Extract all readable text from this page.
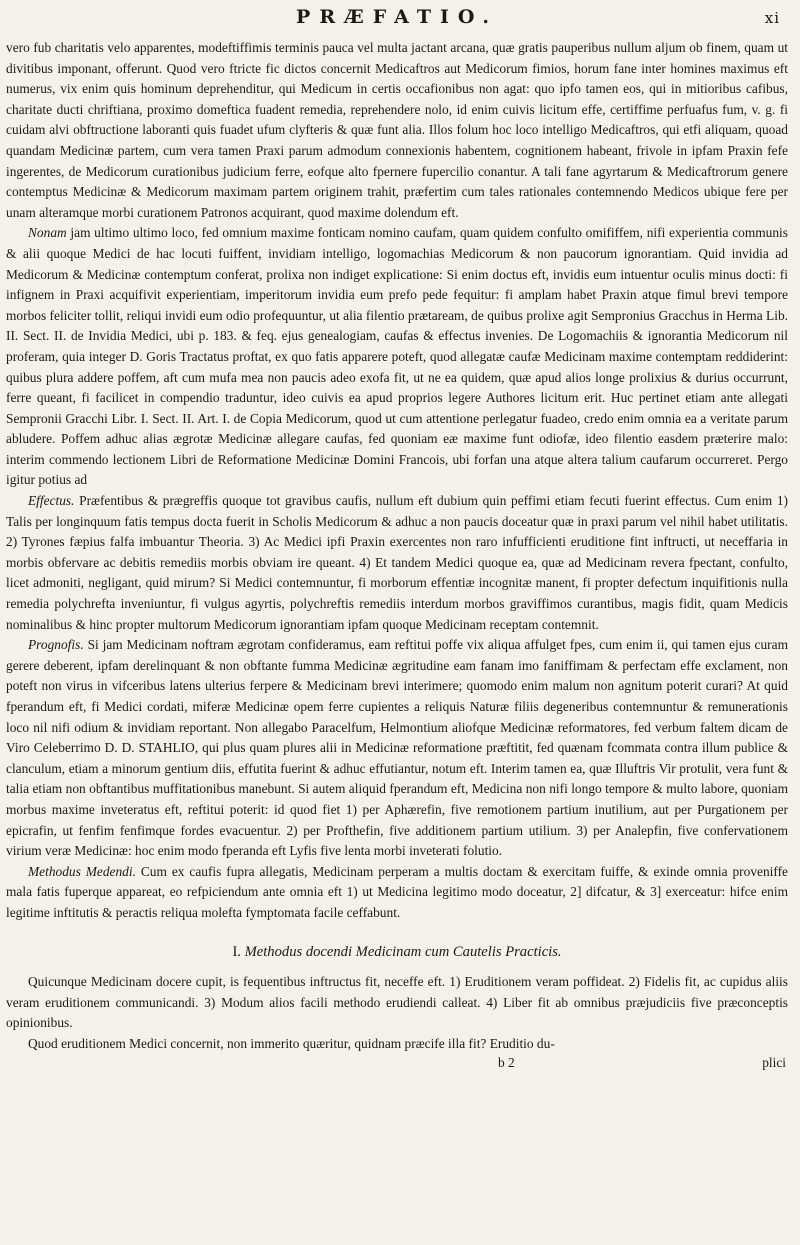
PRÆFATIO.	xi

vero fub charitatis velo apparentes, modeftiffimis terminis pauca vel multa jactant arcana, quæ gratis pauperibus nullum aljum ob finem, quam ut divitibus imponant, offerunt. Quod vero ftricte fic dictos concernit Medicaftros aut Medicorum fimios, horum fane inter homines maximus eft numerus, vix enim quis hominum deprehenditur, qui Medicum in certis occafionibus non agat: quo ipfo tamen eos, qui in mitioribus cafibus, charitate ducti chriftiana, proximo domeftica fuadent remedia, reprehendere nolo, id enim cuivis licitum effe, certiffime perfuafus fum, v. g. fi cuidam alvi obftructione laboranti quis fuadet ufum clyfteris & quæ funt alia. Illos folum hoc loco intelligo Medicaftros, qui etfi aliquam, quoad quandam Medicinæ partem, cum vera tamen Praxi parum admodum connexionis habentem, cognitionem habeant, frivole in ipfam Praxin fefe ingerentes, de Medicorum curationibus judicium ferre, eofque alto fpernere fupercilio conantur. A tali fane agyrtarum & Medicaftrorum genere contemptus Medicinæ & Medicorum maximam partem originem trahit, præfertim cum tales rationales contemnendo Medicos ubique fere per unam alteramque morbi curationem Patronos acquirant, quod maxime dolendum eft.

Nonam jam ultimo ultimo loco, fed omnium maxime fonticam nomino caufam, quam quidem confulto omififfem, nifi experientia communis & alii quoque Medici de hac locuti fuiffent, invidiam intelligo, logomachias Medicorum & non paucorum ignorantiam. Quid invidia ad Medicorum & Medicinæ contemptum conferat, prolixa non indiget explicatione: Si enim doctus eft, invidis eum intuentur oculis minus docti: fi infignem in Praxi acquifivit experientiam, imperitorum invidia eum prefo pede fequitur: fi amplam habet Praxin atque fimul brevi tempore morbos feliciter tollit, reliqui invidi eum odio profequuntur, ut alia filentio prætaream, de quibus prolixe agit Sempronius Gracchus in Herma Lib. II. Sect. II. de Invidia Medici, ubi p. 183. & feq. ejus genealogiam, caufas & effectus invenies. De Logomachiis & ignorantia Medicorum nil proferam, quia integer D. Goris Tractatus proftat, ex quo fatis apparere poteft, quod allegatæ caufæ Medicinam maxime contemptam reddiderint: quibus plura addere poffem, aft cum mufa mea non paucis adeo exofa fit, ut ne ea quidem, quæ apud alios longe prolixius & durius occurrunt, ferre queant, fi facilicet in compendio traduntur, ideo cuivis ea apud proprios legere Authores licitum erit. Huc pertinet etiam ante allegati Sempronii Gracchi Libr. I. Sect. II. Art. I. de Copia Medicorum, quod ut cum attentione perlegatur fuadeo, credo enim omnia ea a veritate parum abludere. Poffem adhuc alias ægrotæ Medicinæ allegare caufas, fed quoniam eæ maxime funt odiofæ, ideo filentio easdem præterire malo: interim commendo lectionem Libri de Reformatione Medicinæ Domini Francois, ubi forfan una atque altera talium caufarum occurreret. Pergo igitur potius ad

Effectus. Præfentibus & prægreffis quoque tot gravibus caufis, nullum eft dubium quin peffimi etiam fecuti fuerint effectus. Cum enim 1) Talis per longinquum fatis tempus docta fuerit in Scholis Medicorum & adhuc a non paucis doceatur quæ in praxi parum vel nihil habet utilitatis. 2) Tyrones fæpius falfa imbuantur Theoria. 3) Ac Medici ipfi Praxin exercentes non raro infufficienti eruditione fint inftructi, ut neceffaria in morbis obfervare ac debitis remediis morbis obviam ire queant. 4) Et tandem Medici quoque ea, quæ ad Medicinam revera fpectant, confulto, licet admoniti, negligant, quid mirum? Si Medici contemnuntur, fi morborum effentiæ incognitæ manent, fi propter defectum inquifitionis nulla remedia polychrefta inveniuntur, fi vulgus agyrtis, polychreftis remediis interdum morbos graviffimos curantibus, magis fidit, quam Medicis nominalibus & hinc propter multorum Medicorum ignorantiam ipfam quoque Medicinam receptam contemnit.

Prognofis. Si jam Medicinam noftram ægrotam confideramus, eam reftitui poffe vix aliqua affulget fpes, cum enim ii, qui tamen ejus curam gerere deberent, ipfam derelinquant & non obftante fumma Medicinæ ægritudine eam fanam imo faniffimam & perfectam effe exclament, non poteft non virus in vifceribus latens ulterius ferpere & Medicinam brevi interimere; quomodo enim malum non agnitum poterit curari? At quid fperandum eft, fi Medici cordati, miferæ Medicinæ opem ferre cupientes a reliquis Naturæ filiis degeneribus contemnuntur & remunerationis loco nil nifi odium & invidiam reportant. Non allegabo Paracelfum, Helmontium aliofque Medicinæ reformatores, fed verbum faltem dicam de Viro Celeberrimo D. D. STAHLIO, qui plus quam plures alii in Medicinæ reformatione præftitit, fed quænam fcommata contra illum publice & clanculum, etiam a minorum gentium diis, effutita fuerint & adhuc effutiantur, notum eft. Interim tamen ea, quæ Illuftris Vir protulit, vera funt & talia etiam non obftantibus muffitationibus manebunt. Si autem aliquid fperandum eft, Medicina non nifi longo tempore & multo labore, quoniam morbus maxime inveteratus eft, reftitui poterit: id quod fiet 1) per Aphærefin, five remotionem partium inutilium, aut per Purgationem per epicrafin, ut fenfim fenfimque fordes evacuentur. 2) per Profthefin, five additionem partium utilium. 3) per Analepfin, five confervationem virium veræ Medicinæ: hoc enim modo fperanda eft Lyfis five lenta morbi inveterati folutio.

Methodus Medendi. Cum ex caufis fupra allegatis, Medicinam perperam a multis doctam & exercitam fuiffe, & exinde omnia proveniffe mala fatis fuperque appareat, eo refpiciendum ante omnia eft 1) ut Medicina legitimo modo doceatur, 2] difcatur, & 3] exerceatur: hifce enim legitime inftitutis & peractis reliqua molefta fymptomata facile ceffabunt.

I. Methodus docendi Medicinam cum Cautelis Practicis.

Quicunque Medicinam docere cupit, is fequentibus inftructus fit, neceffe eft. 1) Eruditionem veram poffideat. 2) Fidelis fit, ac cupidus aliis veram eruditionem communicandi. 3) Modum alios facili methodo erudiendi calleat. 4) Liber fit ab omnibus præjudiciis five præconceptis opinionibus.

Quod eruditionem Medici concernit, non immerito quæritur, quidnam præcife illa fit? Eruditio du-

b 2	plici
